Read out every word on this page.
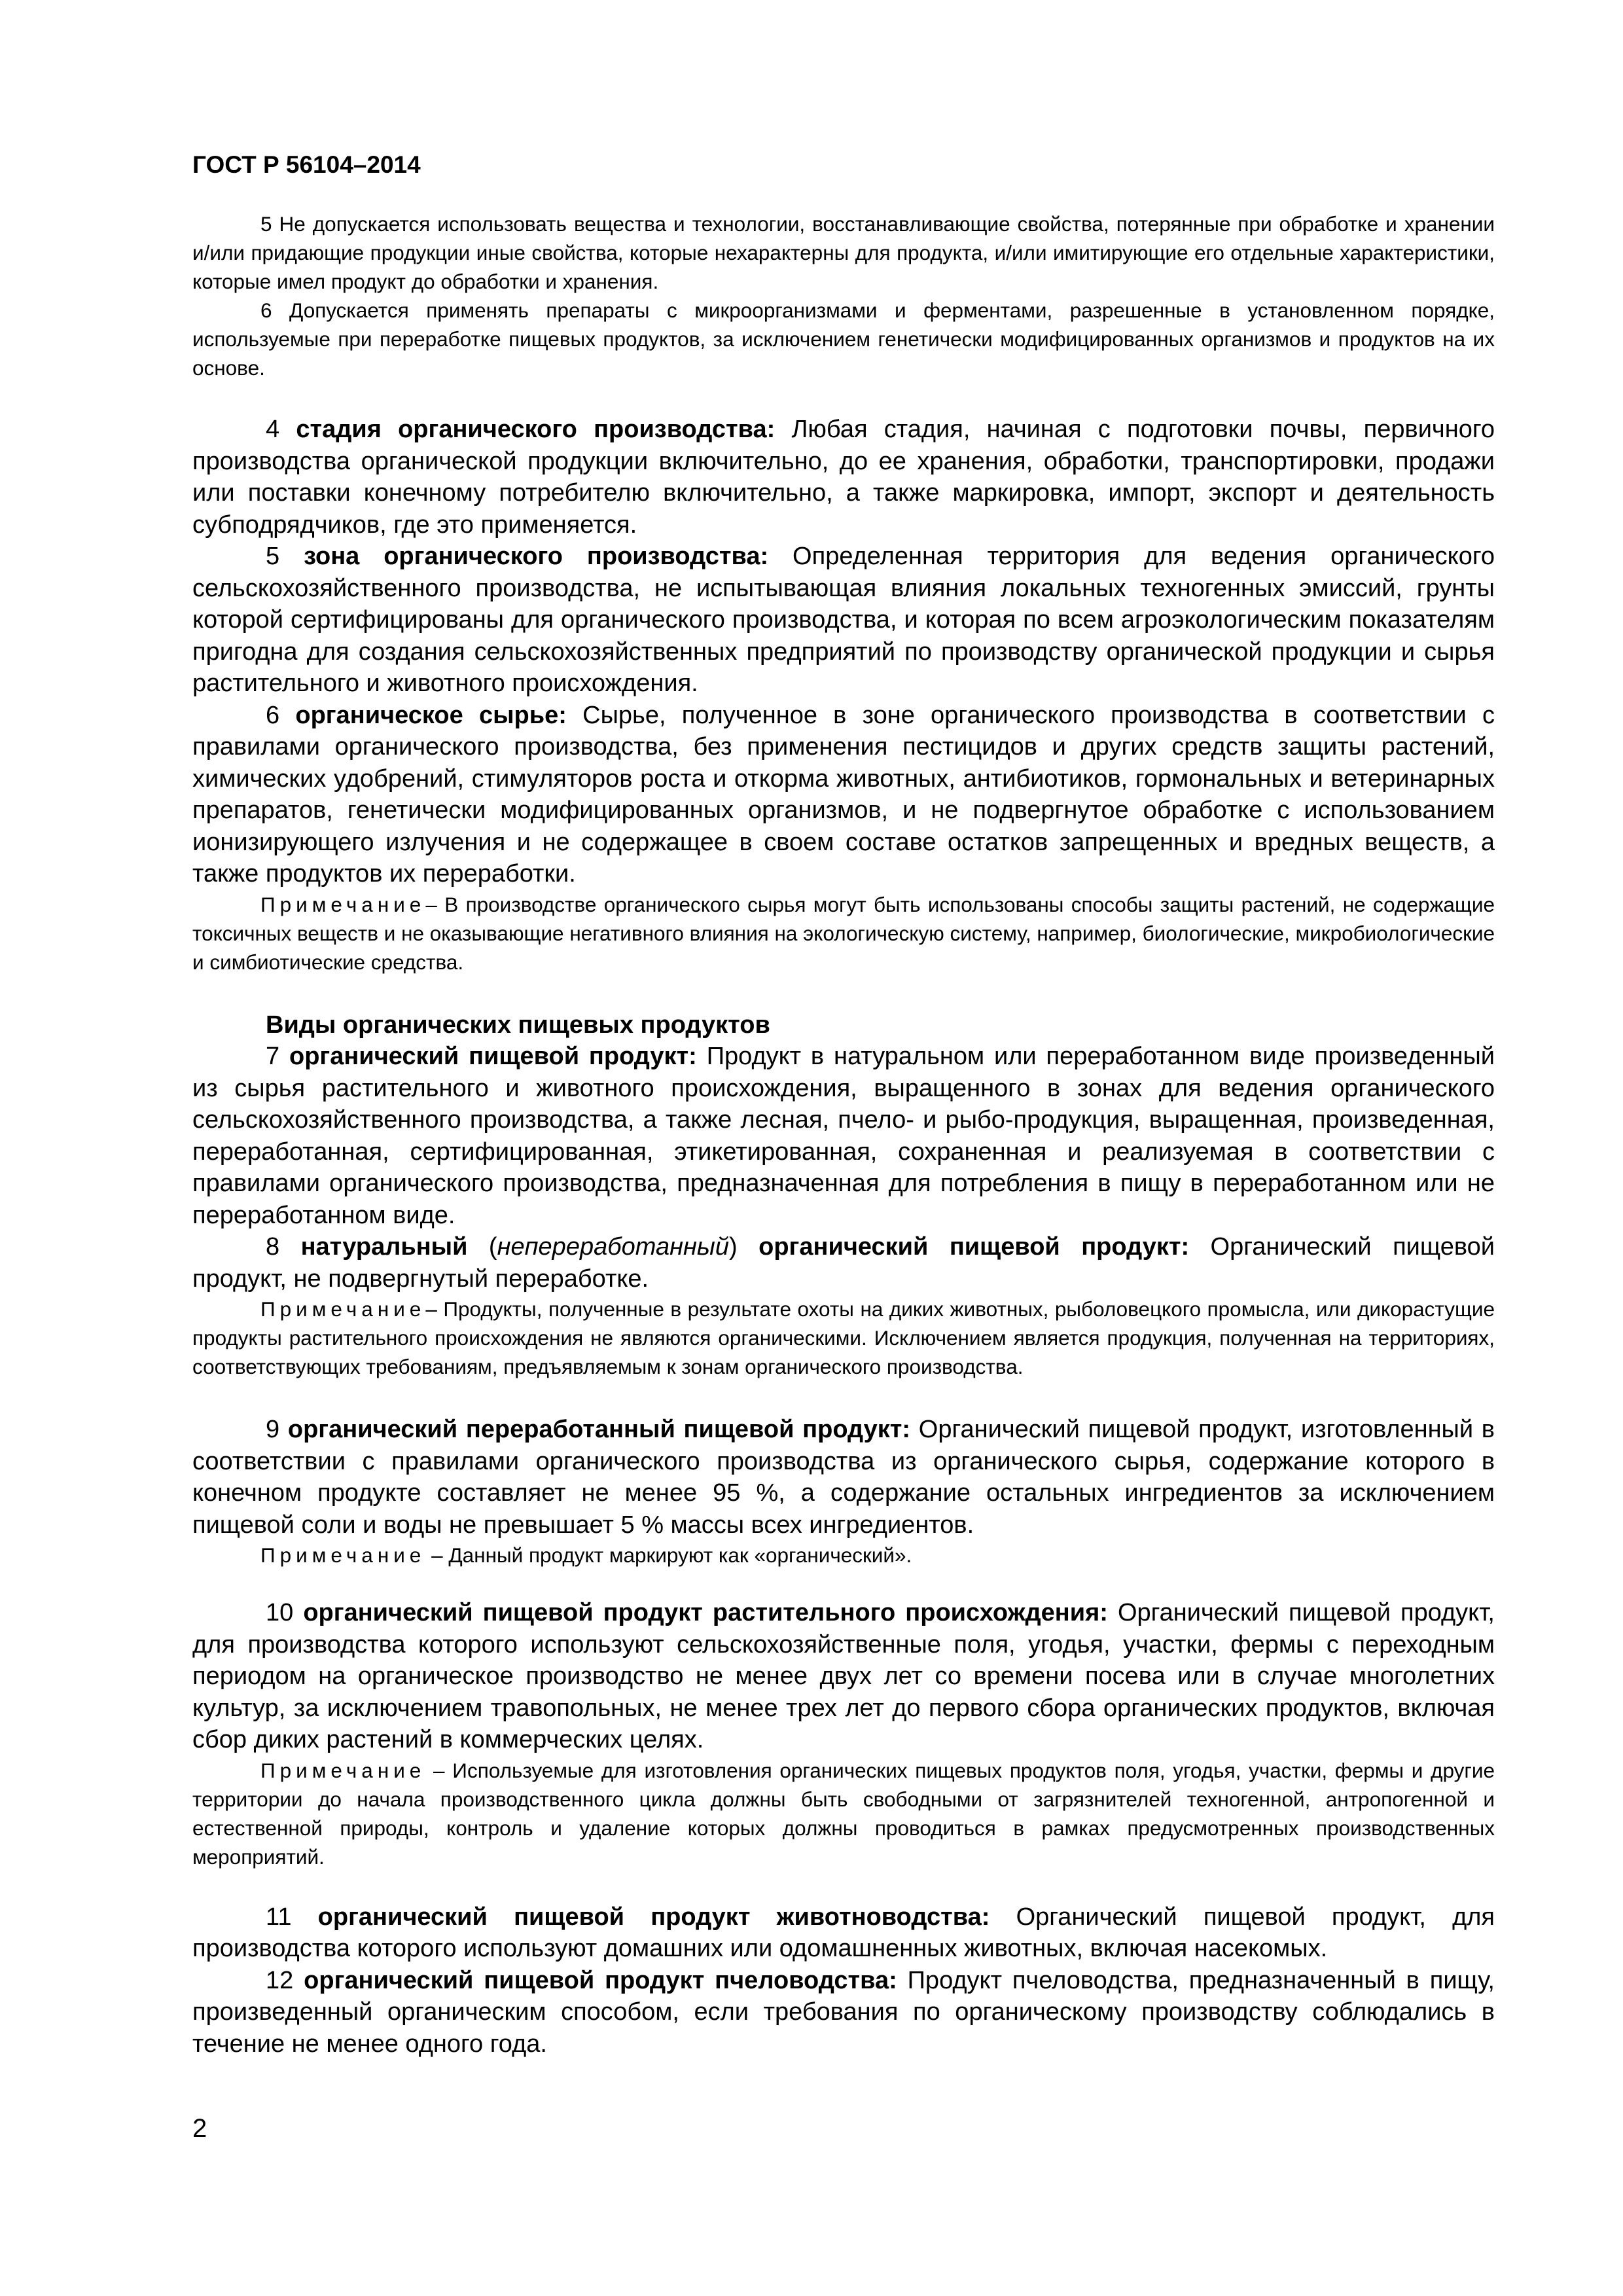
ГОСТ Р 56104–2014

5 Не допускается использовать вещества и технологии, восстанавливающие свойства, потерянные при обработке и хранении и/или придающие продукции иные свойства, которые нехарактерны для продукта, и/или имитирующие его отдельные характеристики, которые имел продукт до обработки и хранения.

6 Допускается применять препараты с микроорганизмами и ферментами, разрешенные в установленном порядке, используемые при переработке пищевых продуктов, за исключением генетически модифицированных организмов и продуктов на их основе.

4 стадия органического производства: Любая стадия, начиная с подготовки почвы, первичного производства органической продукции включительно, до ее хранения, обработки, транспортировки, продажи или поставки конечному потребителю включительно, а также маркировка, импорт, экспорт и деятельность субподрядчиков, где это применяется.

5 зона органического производства: Определенная территория для ведения органического сельскохозяйственного производства, не испытывающая влияния локальных техногенных эмиссий, грунты которой сертифицированы для органического производства, и которая по всем агроэкологическим показателям пригодна для создания сельскохозяйственных предприятий по производству органической продукции и сырья растительного и животного происхождения.

6 органическое сырье: Сырье, полученное в зоне органического производства в соответствии с правилами органического производства, без применения пестицидов и других средств защиты растений, химических удобрений, стимуляторов роста и откорма животных, антибиотиков, гормональных и ветеринарных препаратов, генетически модифицированных организмов, и не подвергнутое обработке с использованием ионизирующего излучения и не содержащее в своем составе остатков запрещенных и вредных веществ, а также продуктов их переработки.

Примечание– В производстве органического сырья могут быть использованы способы защиты растений, не содержащие токсичных веществ и не оказывающие негативного влияния на экологическую систему, например, биологические, микробиологические и симбиотические средства.

Виды органических пищевых продуктов

7 органический пищевой продукт: Продукт в натуральном или переработанном виде произведенный из сырья растительного и животного происхождения, выращенного в зонах для ведения органического сельскохозяйственного производства, а также лесная, пчело- и рыбо-продукция, выращенная, произведенная, переработанная, сертифицированная, этикетированная, сохраненная и реализуемая в соответствии с правилами органического производства, предназначенная для потребления в пищу в переработанном или не переработанном виде.

8 натуральный (непереработанный) органический пищевой продукт: Органический пищевой продукт, не подвергнутый переработке.

Примечание– Продукты, полученные в результате охоты на диких животных, рыболовецкого промысла, или дикорастущие продукты растительного происхождения не являются органическими. Исключением является продукция, полученная на территориях, соответствующих требованиям, предъявляемым к зонам органического производства.

9 органический переработанный пищевой продукт: Органический пищевой продукт, изготовленный в соответствии с правилами органического производства из органического сырья, содержание которого в конечном продукте составляет не менее 95 %, а содержание остальных ингредиентов за исключением пищевой соли и воды не превышает 5 % массы всех ингредиентов.

Примечание – Данный продукт маркируют как «органический».

10 органический пищевой продукт растительного происхождения: Органический пищевой продукт, для производства которого используют сельскохозяйственные поля, угодья, участки, фермы с переходным периодом на органическое производство не менее двух лет со времени посева или в случае многолетних культур, за исключением травопольных, не менее трех лет до первого сбора органических продуктов, включая сбор диких растений в коммерческих целях.

Примечание – Используемые для изготовления органических пищевых продуктов поля, угодья, участки, фермы и другие территории до начала производственного цикла должны быть свободными от загрязнителей техногенной, антропогенной и естественной природы, контроль и удаление которых должны проводиться в рамках предусмотренных производственных мероприятий.

11 органический пищевой продукт животноводства: Органический пищевой продукт, для производства которого используют домашних или одомашненных животных, включая насекомых.

12 органический пищевой продукт пчеловодства: Продукт пчеловодства, предназначенный в пищу, произведенный органическим способом, если требования по органическому производству соблюдались в течение не менее одного года.

2
